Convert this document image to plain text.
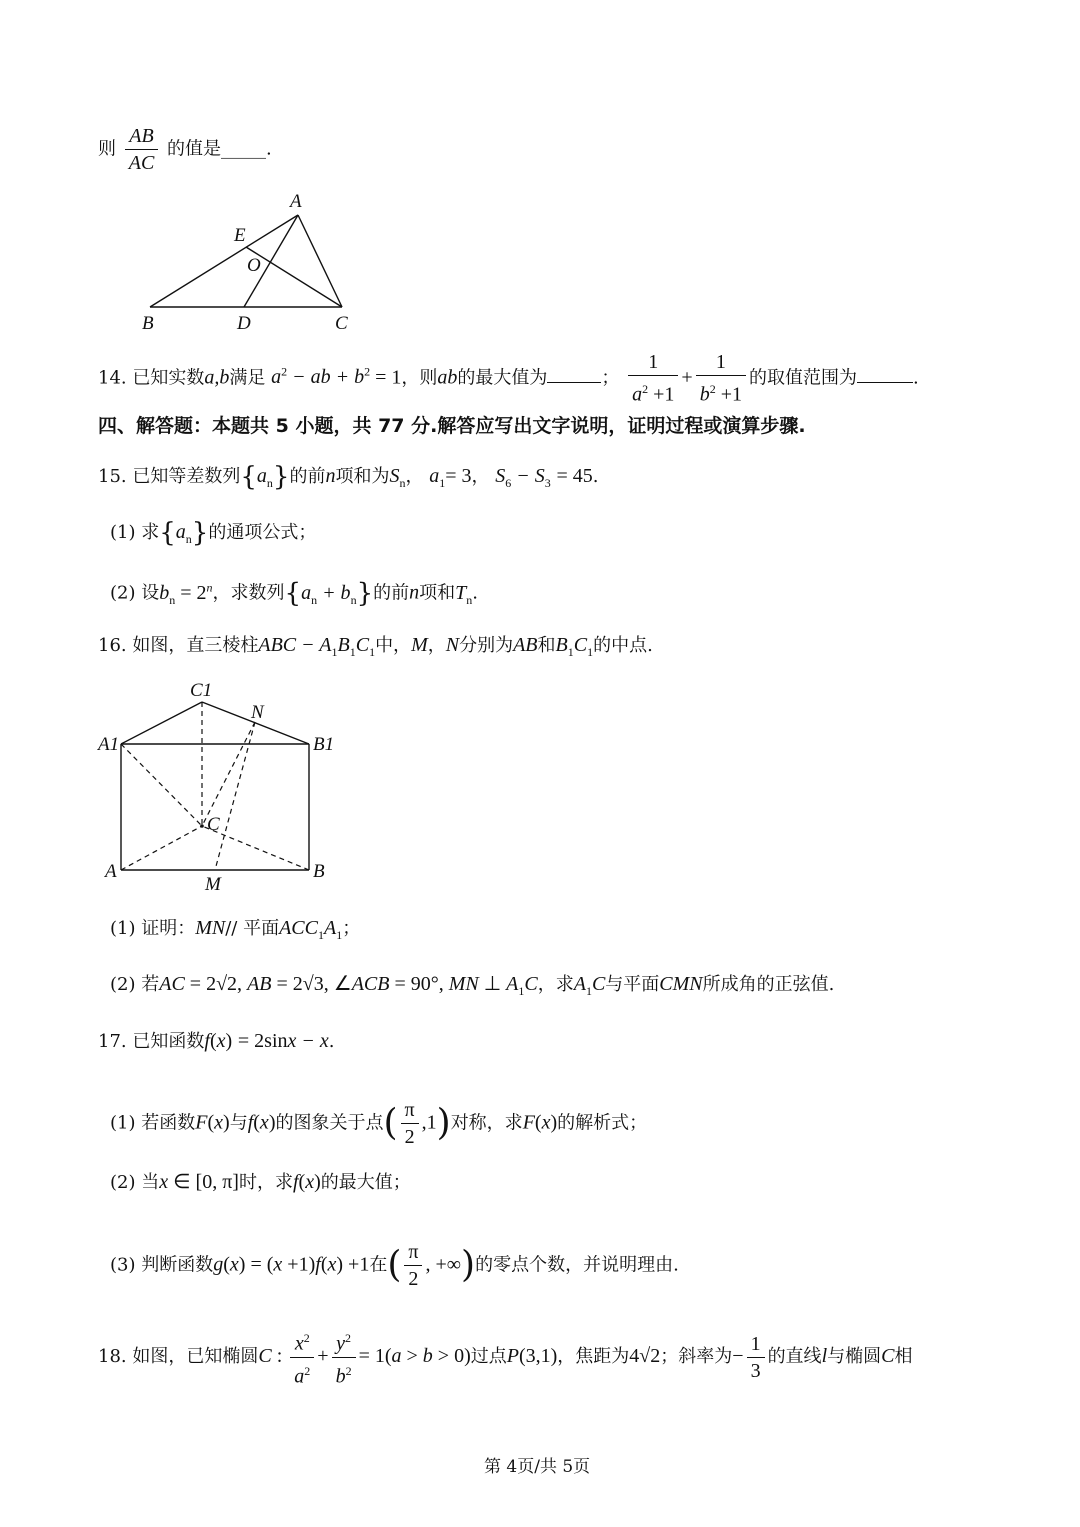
则 $\frac{AB}{AC}$ 的值是_____.
A
E
O
B	D	C
14. 已知实数a,b满足 $a^2$ − ab + $b^2 = 1$，则ab的最大值为	； $\frac{1}{a^2 +1} + \frac{1}{b^2 +1}$ 的取值范围为	.
四、解答题：本题共 5 小题，共 77 分.解答应写出文字说明，证明过程或演算步骤.
15. 已知等差数列$\{a_n\}$的前n项和为$S_n$， $a_1= 3$， $S_6 - S_3 = 45$.
(1) 求$\{a_n\}$的通项公式；
(2) 设$b_n = 2^n$，求数列$\{a_n + b_n\}$的前n项和$T_n$.
16. 如图，直三棱柱ABC − $A_1B_1C_1$中，M，N分别为AB和$B_1C_1$的中点.
C1
N
A1	B1
C
A
M
B
(1) 证明：MN// 平面$ACC_1A_1$；
(2) 若AC = 2√2, AB = 2√3, ∠ACB = 90°, MN ⊥ $A_1C$，求$A_1C$与平面CMN所成角的正弦值.
17. 已知函数f(x) = 2sinx − x.
(1) 若函数F(x)与f(x)的图象关于点( $\frac{\pi}{2} ,1$)对称，求F(x)的解析式；
(2) 当x ∈ [0, π]时，求f(x)的最大值；
(3) 判断函数g(x) = (x +1)f(x) +1在( $\frac{\pi}{2}$ , +∞)的零点个数，并说明理由.
18. 如图，已知椭圆C : $\frac{x^2}{a^2} + \frac{y^2}{b^2} = 1(a > b > 0)$过点P(3,1)，焦距为4√2；斜率为− $\frac{1}{3}$ 的直线l与椭圆C相
第 4页/共 5页
